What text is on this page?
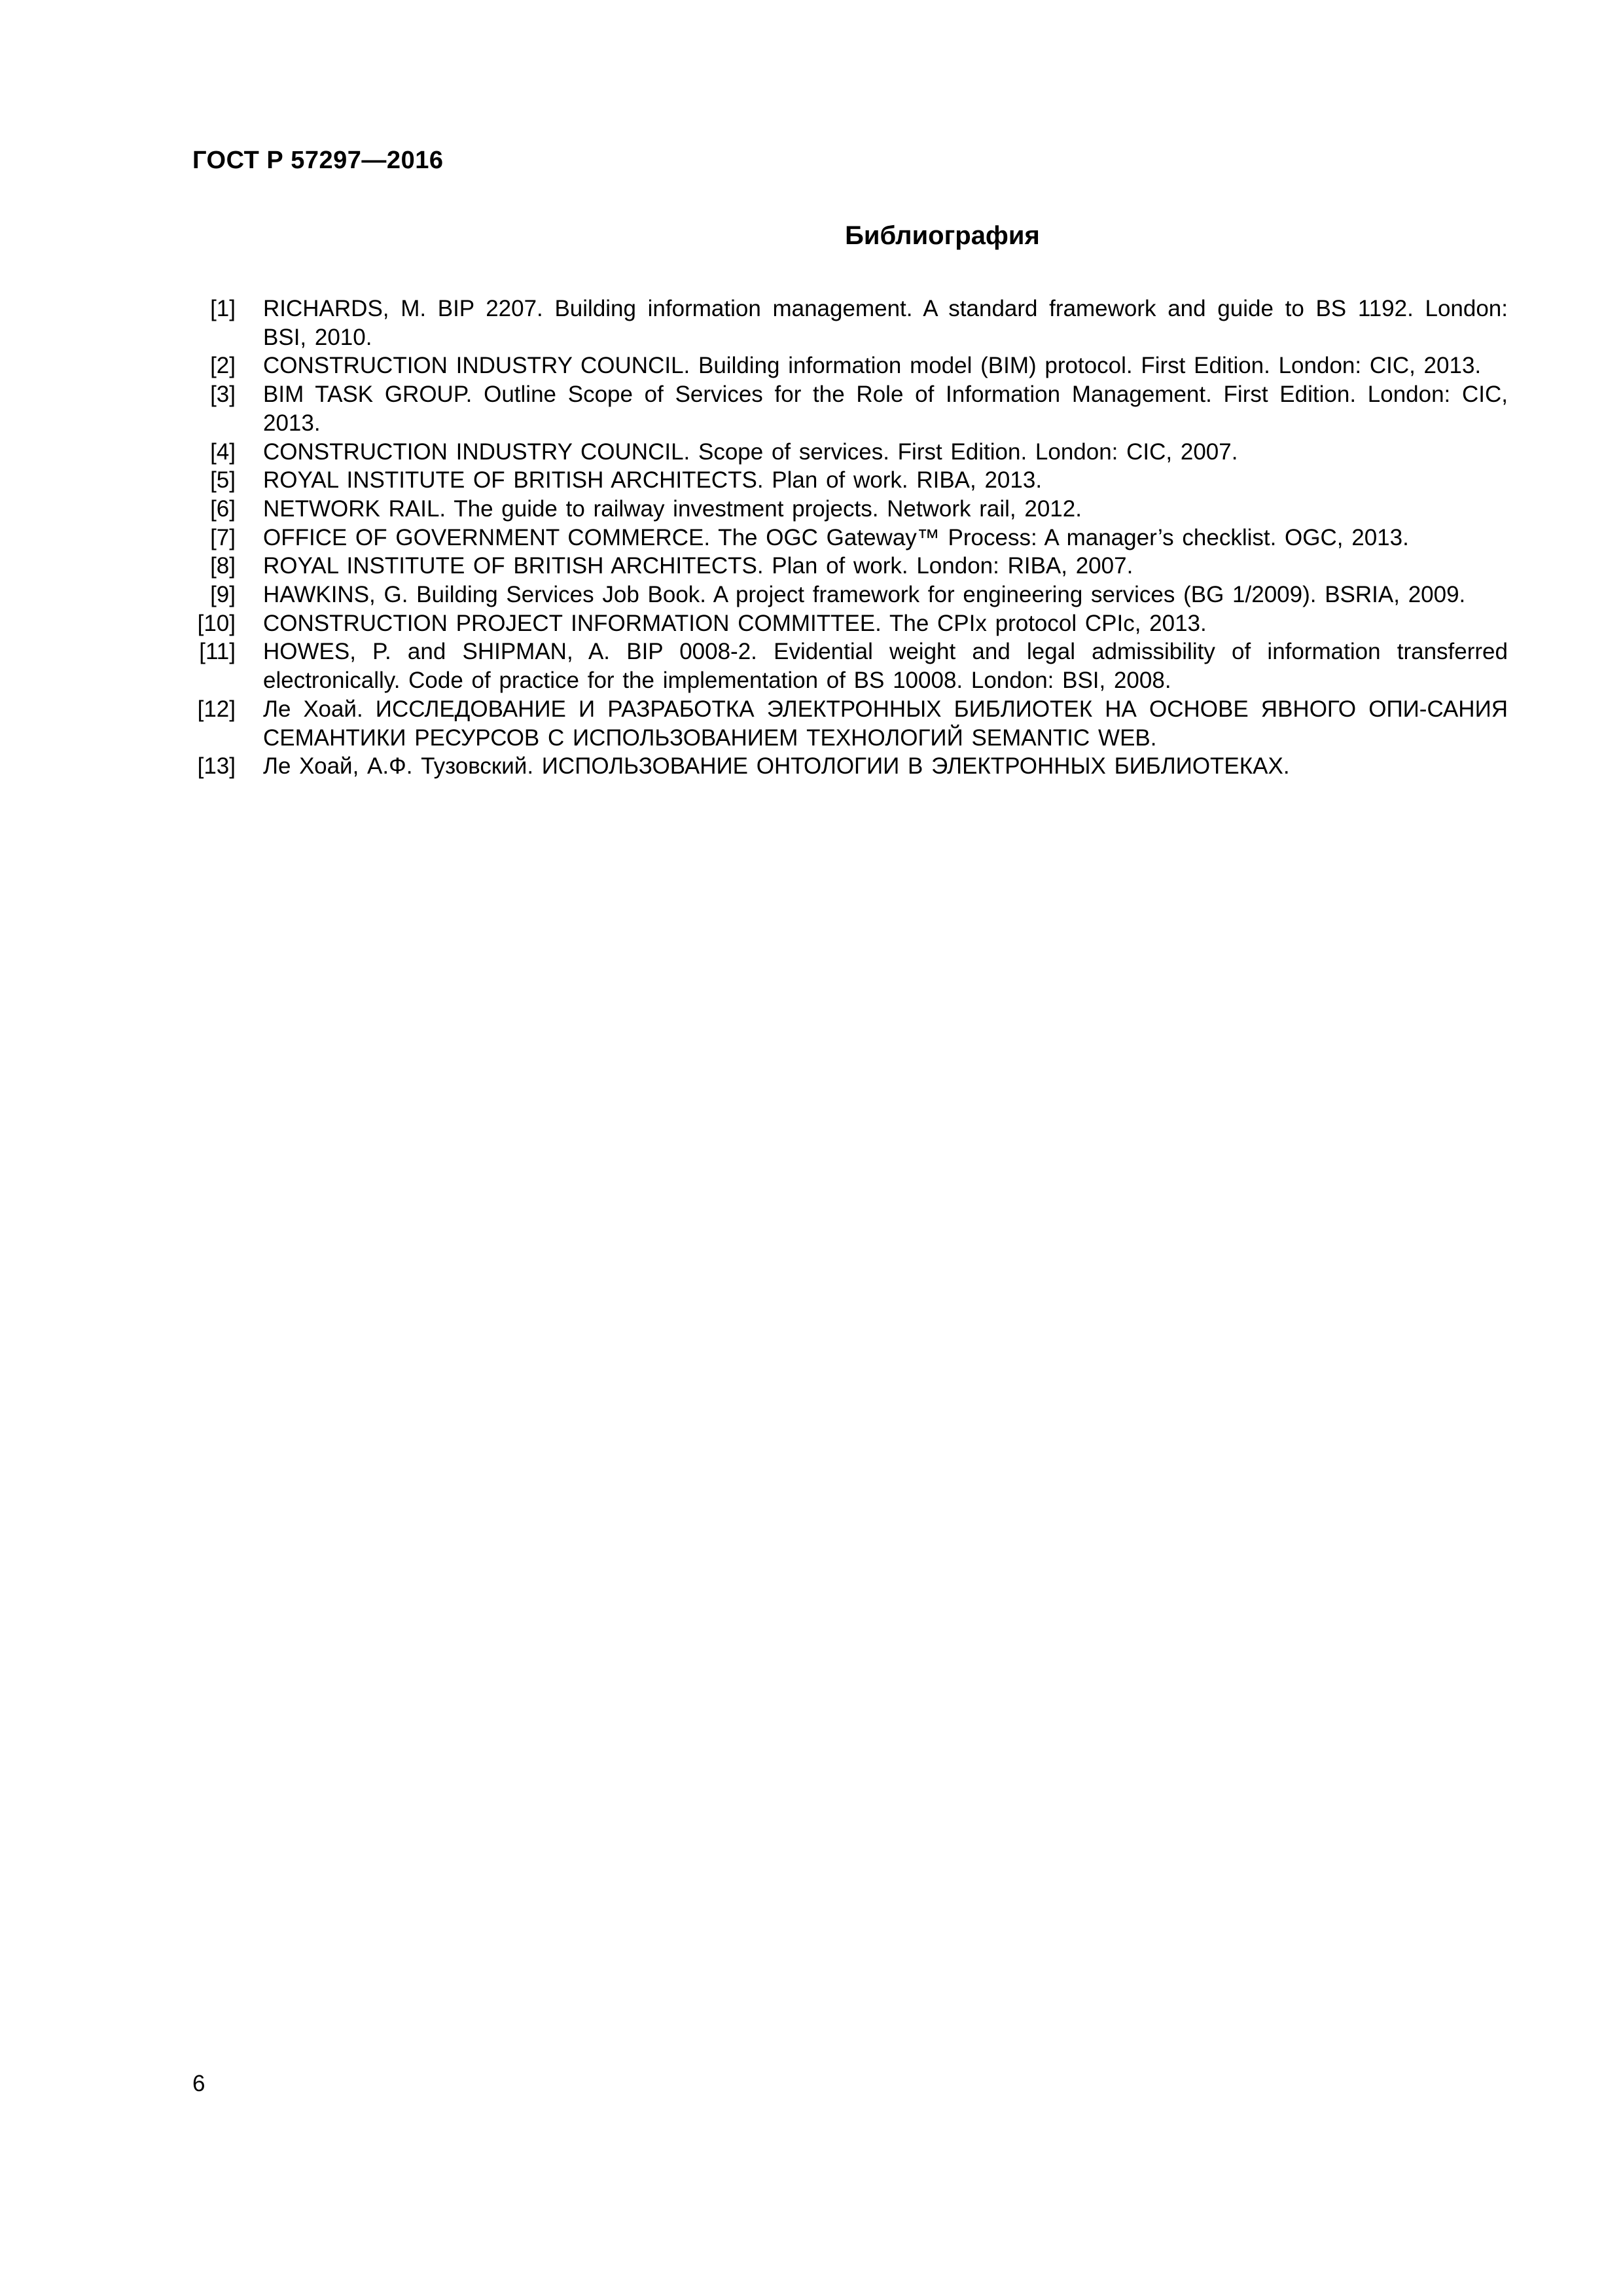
ГОСТ Р 57297—2016
Библиография
[1] RICHARDS, M. BIP 2207. Building information management. A standard framework and guide to BS 1192. London: BSI, 2010.
[2] CONSTRUCTION INDUSTRY COUNCIL. Building information model (BIM) protocol. First Edition. London: CIC, 2013.
[3] BIM TASK GROUP. Outline Scope of Services for the Role of Information Management. First Edition. London: CIC, 2013.
[4] CONSTRUCTION INDUSTRY COUNCIL. Scope of services. First Edition. London: CIC, 2007.
[5] ROYAL INSTITUTE OF BRITISH ARCHITECTS. Plan of work. RIBA, 2013.
[6] NETWORK RAIL. The guide to railway investment projects. Network rail, 2012.
[7] OFFICE OF GOVERNMENT COMMERCE. The OGC Gateway™ Process: A manager’s checklist. OGC, 2013.
[8] ROYAL INSTITUTE OF BRITISH ARCHITECTS. Plan of work. London: RIBA, 2007.
[9] HAWKINS, G. Building Services Job Book. A project framework for engineering services (BG 1/2009). BSRIA, 2009.
[10] CONSTRUCTION PROJECT INFORMATION COMMITTEE. The CPIx protocol CPIc, 2013.
[11] HOWES, P. and SHIPMAN, A. BIP 0008-2. Evidential weight and legal admissibility of information transferred electronically. Code of practice for the implementation of BS 10008. London: BSI, 2008.
[12] Ле Хоай. ИССЛЕДОВАНИЕ И РАЗРАБОТКА ЭЛЕКТРОННЫХ БИБЛИОТЕК НА ОСНОВЕ ЯВНОГО ОПИ-САНИЯ СЕМАНТИКИ РЕСУРСОВ С ИСПОЛЬЗОВАНИЕМ ТЕХНОЛОГИЙ SEMANTIC WEB.
[13] Ле Хоай, А.Ф. Тузовский. ИСПОЛЬЗОВАНИЕ ОНТОЛОГИИ В ЭЛЕКТРОННЫХ БИБЛИОТЕКАХ.
6
